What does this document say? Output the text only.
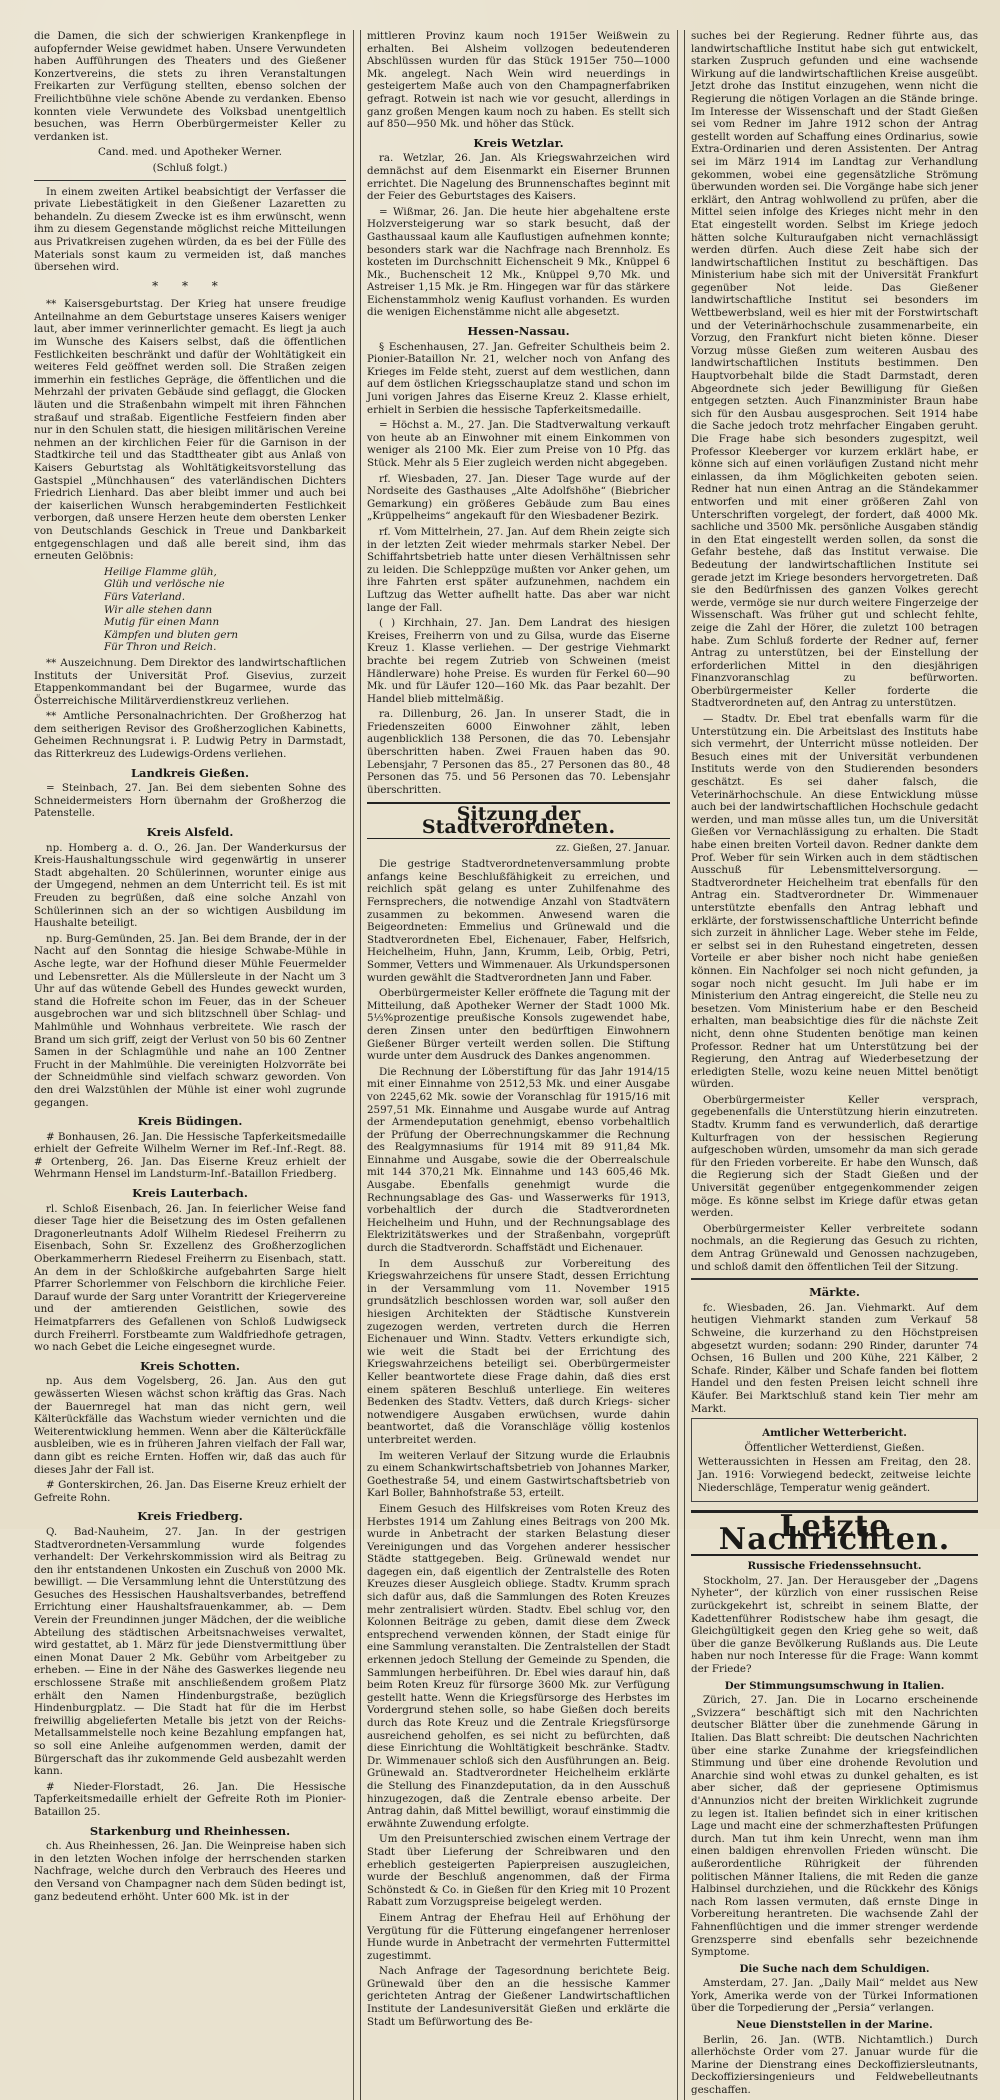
die Damen, die sich der schwierigen Krankenpflege in aufopfernder Weise gewidmet haben. Unsere Verwundeten haben Aufführungen des Theaters und des Gießener Konzertvereins, die stets zu ihren Veranstaltungen Freikarten zur Verfügung stellten, ebenso solchen der Freilichtbühne viele schöne Abende zu verdanken. Ebenso konnten viele Verwundete des Volksbad unentgeltlich besuchen, was Herrn Oberbürgermeister Keller zu verdanken ist.

Cand. med. und Apotheker Werner.

(Schluß folgt.)

In einem zweiten Artikel beabsichtigt der Verfasser die private Liebestätigkeit in den Gießener Lazaretten zu behandeln. Zu diesem Zwecke ist es ihm erwünscht, wenn ihm zu diesem Gegenstande möglichst reiche Mitteilungen aus Privatkreisen zugehen würden, da es bei der Fülle des Materials sonst kaum zu vermeiden ist, daß manches übersehen wird.

* * *

** Kaisersgeburtstag. Der Krieg hat unsere freudige Anteilnahme an dem Geburtstage unseres Kaisers weniger laut, aber immer verinnerlichter gemacht. Es liegt ja auch im Wunsche des Kaisers selbst, daß die öffentlichen Festlichkeiten beschränkt und dafür der Wohltätigkeit ein weiteres Feld geöffnet werden soll. Die Straßen zeigen immerhin ein festliches Gepräge, die öffentlichen und die Mehrzahl der privaten Gebäude sind geflaggt, die Glocken läuten und die Straßenbahn wimpelt mit ihren Fähnchen straßauf und straßab. Eigentliche Festfeiern finden aber nur in den Schulen statt, die hiesigen militärischen Vereine nehmen an der kirchlichen Feier für die Garnison in der Stadtkirche teil und das Stadttheater gibt aus Anlaß von Kaisers Geburtstag als Wohltätigkeitsvorstellung das Gastspiel „Münchhausen“ des vaterländischen Dichters Friedrich Lienhard. Das aber bleibt immer und auch bei der kaiserlichen Wunsch herabgeminderten Festlichkeit verborgen, daß unsere Herzen heute dem obersten Lenker von Deutschlands Geschick in Treue und Dankbarkeit entgegenschlagen und daß alle bereit sind, ihm das erneuten Gelöbnis:

Heilige Flamme glüh,
Glüh und verlösche nie
Fürs Vaterland.
Wir alle stehen dann
Mutig für einen Mann
Kämpfen und bluten gern
Für Thron und Reich.

** Auszeichnung. Dem Direktor des landwirtschaftlichen Instituts der Universität Prof. Gisevius, zurzeit Etappenkommandant bei der Bugarmee, wurde das Österreichische Militärverdienstkreuz verliehen.

** Amtliche Personalnachrichten. Der Großherzog hat dem seitherigen Revisor des Großherzoglichen Kabinetts, Geheimen Rechnungsrat i. P. Ludwig Petry in Darmstadt, das Ritterkreuz des Ludewigs-Ordens verliehen.

Landkreis Gießen.

= Steinbach, 27. Jan. Bei dem siebenten Sohne des Schneidermeisters Horn übernahm der Großherzog die Patenstelle.

Kreis Alsfeld.

np. Homberg a. d. O., 26. Jan. Der Wanderkursus der Kreis-Haushaltungsschule wird gegenwärtig in unserer Stadt abgehalten. 20 Schülerinnen, worunter einige aus der Umgegend, nehmen an dem Unterricht teil. Es ist mit Freuden zu begrüßen, daß eine solche Anzahl von Schülerinnen sich an der so wichtigen Ausbildung im Haushalte beteiligt.

np. Burg-Gemünden, 25. Jan. Bei dem Brande, der in der Nacht auf den Sonntag die hiesige Schwabe-Mühle in Asche legte, war der Hofhund dieser Mühle Feuermelder und Lebensretter. Als die Müllersleute in der Nacht um 3 Uhr auf das wütende Gebell des Hundes geweckt wurden, stand die Hofreite schon im Feuer, das in der Scheuer ausgebrochen war und sich blitzschnell über Schlag- und Mahlmühle und Wohnhaus verbreitete. Wie rasch der Brand um sich griff, zeigt der Verlust von 50 bis 60 Zentner Samen in der Schlagmühle und nahe an 100 Zentner Frucht in der Mahlmühle. Die vereinigten Holzvorräte bei der Schneidmühle sind vielfach schwarz geworden. Von den drei Walzstühlen der Mühle ist einer wohl zugrunde gegangen.

Kreis Büdingen.

# Bonhausen, 26. Jan. Die Hessische Tapferkeitsmedaille erhielt der Gefreite Wilhelm Werner im Ref.-Inf.-Regt. 88. # Ortenberg, 26. Jan. Das Eiserne Kreuz erhielt der Wehrmann Hensel im Landsturm-Inf.-Bataillon Friedberg.

Kreis Lauterbach.

rl. Schloß Eisenbach, 26. Jan. In feierlicher Weise fand dieser Tage hier die Beisetzung des im Osten gefallenen Dragonerleutnants Adolf Wilhelm Riedesel Freiherrn zu Eisenbach, Sohn Sr. Exzellenz des Großherzoglichen Oberkammerherrn Riedesel Freiherrn zu Eisenbach, statt. An dem in der Schloßkirche aufgebahrten Sarge hielt Pfarrer Schorlemmer von Felschborn die kirchliche Feier. Darauf wurde der Sarg unter Vorantritt der Kriegervereine und der amtierenden Geistlichen, sowie des Heimatpfarrers des Gefallenen von Schloß Ludwigseck durch Freiherrl. Forstbeamte zum Waldfriedhofe getragen, wo nach Gebet die Leiche eingesegnet wurde.

Kreis Schotten.

np. Aus dem Vogelsberg, 26. Jan. Aus den gut gewässerten Wiesen wächst schon kräftig das Gras. Nach der Bauernregel hat man das nicht gern, weil Kälterückfälle das Wachstum wieder vernichten und die Weiterentwicklung hemmen. Wenn aber die Kälterückfälle ausbleiben, wie es in früheren Jahren vielfach der Fall war, dann gibt es reiche Ernten. Hoffen wir, daß das auch für dieses Jahr der Fall ist.

# Gonterskirchen, 26. Jan. Das Eiserne Kreuz erhielt der Gefreite Rohn.

Kreis Friedberg.

Q. Bad-Nauheim, 27. Jan. In der gestrigen Stadtverordneten-Versammlung wurde folgendes verhandelt: Der Verkehrskommission wird als Beitrag zu den ihr entstandenen Unkosten ein Zuschuß von 2000 Mk. bewilligt. — Die Versammlung lehnt die Unterstützung des Gesuches des Hessischen Haushaltsverbandes, betreffend Errichtung einer Haushaltsfrauenkammer, ab. — Dem Verein der Freundinnen junger Mädchen, der die weibliche Abteilung des städtischen Arbeitsnachweises verwaltet, wird gestattet, ab 1. März für jede Dienstvermittlung über einen Monat Dauer 2 Mk. Gebühr vom Arbeitgeber zu erheben. — Eine in der Nähe des Gaswerkes liegende neu erschlossene Straße mit anschließendem großem Platz erhält den Namen Hindenburgstraße, bezüglich Hindenburgplatz. — Die Stadt hat für die im Herbst freiwillig abgelieferten Metalle bis jetzt von der Reichs-Metallsammelstelle noch keine Bezahlung empfangen hat, so soll eine Anleihe aufgenommen werden, damit der Bürgerschaft das ihr zukommende Geld ausbezahlt werden kann.

# Nieder-Florstadt, 26. Jan. Die Hessische Tapferkeitsmedaille erhielt der Gefreite Roth im Pionier-Bataillon 25.

Starkenburg und Rheinhessen.

ch. Aus Rheinhessen, 26. Jan. Die Weinpreise haben sich in den letzten Wochen infolge der herrschenden starken Nachfrage, welche durch den Verbrauch des Heeres und den Versand von Champagner nach dem Süden bedingt ist, ganz bedeutend erhöht. Unter 600 Mk. ist in der

mittleren Provinz kaum noch 1915er Weißwein zu erhalten. Bei Alsheim vollzogen bedeutenderen Abschlüssen wurden für das Stück 1915er 750—1000 Mk. angelegt. Nach Wein wird neuerdings in gesteigertem Maße auch von den Champagnerfabriken gefragt. Rotwein ist nach wie vor gesucht, allerdings in ganz großen Mengen kaum noch zu haben. Es stellt sich auf 850—950 Mk. und höher das Stück.

Kreis Wetzlar.

ra. Wetzlar, 26. Jan. Als Kriegswahrzeichen wird demnächst auf dem Eisenmarkt ein Eiserner Brunnen errichtet. Die Nagelung des Brunnenschaftes beginnt mit der Feier des Geburtstages des Kaisers.

= Wißmar, 26. Jan. Die heute hier abgehaltene erste Holzversteigerung war so stark besucht, daß der Gasthaussaal kaum alle Kauflustigen aufnehmen konnte; besonders stark war die Nachfrage nach Brennholz. Es kosteten im Durchschnitt Eichenscheit 9 Mk., Knüppel 6 Mk., Buchenscheit 12 Mk., Knüppel 9,70 Mk. und Astreiser 1,15 Mk. je Rm. Hingegen war für das stärkere Eichenstammholz wenig Kauflust vorhanden. Es wurden die wenigen Eichenstämme nicht alle abgesetzt.

Hessen-Nassau.

§ Eschenhausen, 27. Jan. Gefreiter Schultheis beim 2. Pionier-Bataillon Nr. 21, welcher noch von Anfang des Krieges im Felde steht, zuerst auf dem westlichen, dann auf dem östlichen Kriegsschauplatze stand und schon im Juni vorigen Jahres das Eiserne Kreuz 2. Klasse erhielt, erhielt in Serbien die hessische Tapferkeitsmedaille.

= Höchst a. M., 27. Jan. Die Stadtverwaltung verkauft von heute ab an Einwohner mit einem Einkommen von weniger als 2100 Mk. Eier zum Preise von 10 Pfg. das Stück. Mehr als 5 Eier zugleich werden nicht abgegeben.

rf. Wiesbaden, 27. Jan. Dieser Tage wurde auf der Nordseite des Gasthauses „Alte Adolfshöhe“ (Biebricher Gemarkung) ein größeres Gebäude zum Bau eines „Krüppelheims“ angekauft für den Wiesbadener Bezirk.

rf. Vom Mittelrhein, 27. Jan. Auf dem Rhein zeigte sich in der letzten Zeit wieder mehrmals starker Nebel. Der Schiffahrtsbetrieb hatte unter diesen Verhältnissen sehr zu leiden. Die Schleppzüge mußten vor Anker gehen, um ihre Fahrten erst später aufzunehmen, nachdem ein Luftzug das Wetter aufhellt hatte. Das aber war nicht lange der Fall.

( ) Kirchhain, 27. Jan. Dem Landrat des hiesigen Kreises, Freiherrn von und zu Gilsa, wurde das Eiserne Kreuz 1. Klasse verliehen. — Der gestrige Viehmarkt brachte bei regem Zutrieb von Schweinen (meist Händlerware) hohe Preise. Es wurden für Ferkel 60—90 Mk. und für Läufer 120—160 Mk. das Paar bezahlt. Der Handel blieb mittelmäßig.

ra. Dillenburg, 26. Jan. In unserer Stadt, die in Friedenszeiten 6000 Einwohner zählt, leben augenblicklich 138 Personen, die das 70. Lebensjahr überschritten haben. Zwei Frauen haben das 90. Lebensjahr, 7 Personen das 85., 27 Personen das 80., 48 Personen das 75. und 56 Personen das 70. Lebensjahr überschritten.

Sitzung der Stadtverordneten.

zz. Gießen, 27. Januar.

Die gestrige Stadtverordnetenversammlung probte anfangs keine Beschlußfähigkeit zu erreichen, und reichlich spät gelang es unter Zuhilfenahme des Fernsprechers, die notwendige Anzahl von Stadtvätern zusammen zu bekommen. Anwesend waren die Beigeordneten: Emmelius und Grünewald und die Stadtverordneten Ebel, Eichenauer, Faber, Helfsrich, Heichelheim, Huhn, Jann, Krumm, Leib, Orbig, Petri, Sommer, Vetters und Wimmenauer. Als Urkundspersonen wurden gewählt die Stadtverordneten Jann und Faber.

Oberbürgermeister Keller eröffnete die Tagung mit der Mitteilung, daß Apotheker Werner der Stadt 1000 Mk. 5⅓%prozentige preußische Konsols zugewendet habe, deren Zinsen unter den bedürftigen Einwohnern Gießener Bürger verteilt werden sollen. Die Stiftung wurde unter dem Ausdruck des Dankes angenommen.

Die Rechnung der Löberstiftung für das Jahr 1914/15 mit einer Einnahme von 2512,53 Mk. und einer Ausgabe von 2245,62 Mk. sowie der Voranschlag für 1915/16 mit 2597,51 Mk. Einnahme und Ausgabe wurde auf Antrag der Armendeputation genehmigt, ebenso vorbehaltlich der Prüfung der Oberrechnungskammer die Rechnung des Realgymnasiums für 1914 mit 89 911,84 Mk. Einnahme und Ausgabe, sowie die der Oberrealschule mit 144 370,21 Mk. Einnahme und 143 605,46 Mk. Ausgabe. Ebenfalls genehmigt wurde die Rechnungsablage des Gas- und Wasserwerks für 1913, vorbehaltlich der durch die Stadtverordneten Heichelheim und Huhn, und der Rechnungsablage des Elektrizitätswerkes und der Straßenbahn, vorgeprüft durch die Stadtverordn. Schaffstädt und Eichenauer.

In dem Ausschuß zur Vorbereitung des Kriegswahrzeichens für unsere Stadt, dessen Errichtung in der Versammlung vom 11. November 1915 grundsätzlich beschlossen worden war, soll außer den hiesigen Architekten der Städtische Kunstverein zugezogen werden, vertreten durch die Herren Eichenauer und Winn. Stadtv. Vetters erkundigte sich, wie weit die Stadt bei der Errichtung des Kriegswahrzeichens beteiligt sei. Oberbürgermeister Keller beantwortete diese Frage dahin, daß dies erst einem späteren Beschluß unterliege. Ein weiteres Bedenken des Stadtv. Vetters, daß durch Kriegs- sicher notwendigere Ausgaben erwüchsen, wurde dahin beantwortet, daß die Voranschläge völlig kostenlos unterbreitet werden.

Im weiteren Verlauf der Sitzung wurde die Erlaubnis zu einem Schankwirtschaftsbetrieb von Johannes Marker, Goethestraße 54, und einem Gastwirtschaftsbetrieb von Karl Boller, Bahnhofstraße 53, erteilt.

Einem Gesuch des Hilfskreises vom Roten Kreuz des Herbstes 1914 um Zahlung eines Beitrags von 200 Mk. wurde in Anbetracht der starken Belastung dieser Vereinigungen und das Vorgehen anderer hessischer Städte stattgegeben. Beig. Grünewald wendet nur dagegen ein, daß eigentlich der Zentralstelle des Roten Kreuzes dieser Ausgleich obliege. Stadtv. Krumm sprach sich dafür aus, daß die Sammlungen des Roten Kreuzes mehr zentralisiert würden. Stadtv. Ebel schlug vor, den Kolonnen Beiträge zu geben, damit diese dem Zweck entsprechend verwenden können, der Stadt einige für eine Sammlung veranstalten. Die Zentralstellen der Stadt erkennen jedoch Stellung der Gemeinde zu Spenden, die Sammlungen herbeiführen. Dr. Ebel wies darauf hin, daß beim Roten Kreuz für fürsorge 3600 Mk. zur Verfügung gestellt hatte. Wenn die Kriegsfürsorge des Herbstes im Vordergrund stehen solle, so habe Gießen doch bereits durch das Rote Kreuz und die Zentrale Kriegsfürsorge ausreichend geholfen, es sei nicht zu befürchten, daß diese Einrichtung die Wohltätigkeit beschränke. Stadtv. Dr. Wimmenauer schloß sich den Ausführungen an. Beig. Grünewald an. Stadtverordneter Heichelheim erklärte die Stellung des Finanzdeputation, da in den Ausschuß hinzugezogen, daß die Zentrale ebenso arbeite. Der Antrag dahin, daß Mittel bewilligt, worauf einstimmig die erwähnte Zuwendung erfolgte.

Um den Preisunterschied zwischen einem Vertrage der Stadt über Lieferung der Schreibwaren und den erheblich gesteigerten Papierpreisen auszugleichen, wurde der Beschluß angenommen, daß der Firma Schönstedt & Co. in Gießen für den Krieg mit 10 Prozent Rabatt zum Vorzugspreise beigelegt werden.

Einem Antrag der Ehefrau Heil auf Erhöhung der Vergütung für die Fütterung eingefangener herrenloser Hunde wurde in Anbetracht der vermehrten Futtermittel zugestimmt.

Nach Anfrage der Tagesordnung berichtete Beig. Grünewald über den an die hessische Kammer gerichteten Antrag der Gießener Landwirtschaftlichen Institute der Landesuniversität Gießen und erklärte die Stadt um Befürwortung des Be-

suches bei der Regierung. Redner führte aus, das landwirtschaftliche Institut habe sich gut entwickelt, starken Zuspruch gefunden und eine wachsende Wirkung auf die landwirtschaftlichen Kreise ausgeübt. Jetzt drohe das Institut einzugehen, wenn nicht die Regierung die nötigen Vorlagen an die Stände bringe. Im Interesse der Wissenschaft und der Stadt Gießen sei vom Redner im Jahre 1912 schon der Antrag gestellt worden auf Schaffung eines Ordinarius, sowie Extra-Ordinarien und deren Assistenten. Der Antrag sei im März 1914 im Landtag zur Verhandlung gekommen, wobei eine gegensätzliche Strömung überwunden worden sei. Die Vorgänge habe sich jener erklärt, den Antrag wohlwollend zu prüfen, aber die Mittel seien infolge des Krieges nicht mehr in den Etat eingestellt worden. Selbst im Kriege jedoch hätten solche Kulturaufgaben nicht vernachlässigt werden dürfen. Auch diese Zeit habe sich der landwirtschaftlichen Institut zu beschäftigen. Das Ministerium habe sich mit der Universität Frankfurt gegenüber Not leide. Das Gießener landwirtschaftliche Institut sei besonders im Wettbewerbsland, weil es hier mit der Forstwirtschaft und der Veterinärhochschule zusammenarbeite, ein Vorzug, den Frankfurt nicht bieten könne. Dieser Vorzug müsse Gießen zum weiteren Ausbau des landwirtschaftlichen Instituts bestimmen. Den Hauptvorbehalt bilde die Stadt Darmstadt, deren Abgeordnete sich jeder Bewilligung für Gießen entgegen setzten. Auch Finanzminister Braun habe sich für den Ausbau ausgesprochen. Seit 1914 habe die Sache jedoch trotz mehrfacher Eingaben geruht. Die Frage habe sich besonders zugespitzt, weil Professor Kleeberger vor kurzem erklärt habe, er könne sich auf einen vorläufigen Zustand nicht mehr einlassen, da ihm Möglichkeiten geboten seien. Redner hat nun einen Antrag an die Ständekammer entworfen und mit einer größeren Zahl von Unterschriften vorgelegt, der fordert, daß 4000 Mk. sachliche und 3500 Mk. persönliche Ausgaben ständig in den Etat eingestellt werden sollen, da sonst die Gefahr bestehe, daß das Institut verwaise. Die Bedeutung der landwirtschaftlichen Institute sei gerade jetzt im Kriege besonders hervorgetreten. Daß sie den Bedürfnissen des ganzen Volkes gerecht werde, vermöge sie nur durch weitere Fingerzeige der Wissenschaft. Was früher gut und schlecht fehlte, zeige die Zahl der Hörer, die zuletzt 100 betragen habe. Zum Schluß forderte der Redner auf, ferner Antrag zu unterstützen, bei der Einstellung der erforderlichen Mittel in den diesjährigen Finanzvoranschlag zu befürworten. Oberbürgermeister Keller forderte die Stadtverordneten auf, den Antrag zu unterstützen.

— Stadtv. Dr. Ebel trat ebenfalls warm für die Unterstützung ein. Die Arbeitslast des Instituts habe sich vermehrt, der Unterricht müsse notleiden. Der Besuch eines mit der Universität verbundenen Instituts werde von den Studierenden besonders geschätzt. Es sei daher falsch, die Veterinärhochschule. An diese Entwicklung müsse auch bei der landwirtschaftlichen Hochschule gedacht werden, und man müsse alles tun, um die Universität Gießen vor Vernachlässigung zu erhalten. Die Stadt habe einen breiten Vorteil davon. Redner dankte dem Prof. Weber für sein Wirken auch in dem städtischen Ausschuß für Lebensmittelversorgung. — Stadtverordneter Heichelheim trat ebenfalls für den Antrag ein. Stadtverordneter Dr. Wimmenauer unterstützte ebenfalls den Antrag lebhaft und erklärte, der forstwissenschaftliche Unterricht befinde sich zurzeit in ähnlicher Lage. Weber stehe im Felde, er selbst sei in den Ruhestand eingetreten, dessen Vorteile er aber bisher noch nicht habe genießen können. Ein Nachfolger sei noch nicht gefunden, ja sogar noch nicht gesucht. Im Juli habe er im Ministerium den Antrag eingereicht, die Stelle neu zu besetzen. Vom Ministerium habe er den Bescheid erhalten, man beabsichtige dies für die nächste Zeit nicht, denn ohne Studenten benötige man keinen Professor. Redner hat um Unterstützung bei der Regierung, den Antrag auf Wiederbesetzung der erledigten Stelle, wozu keine neuen Mittel benötigt würden.

Oberbürgermeister Keller versprach, gegebenenfalls die Unterstützung hierin einzutreten. Stadtv. Krumm fand es verwunderlich, daß derartige Kulturfragen von der hessischen Regierung aufgeschoben würden, umsomehr da man sich gerade für den Frieden vorbereite. Er habe den Wunsch, daß die Regierung sich der Stadt Gießen und der Universität gegenüber entgegenkommender zeigen möge. Es könne selbst im Kriege dafür etwas getan werden.

Oberbürgermeister Keller verbreitete sodann nochmals, an die Regierung das Gesuch zu richten, dem Antrag Grünewald und Genossen nachzugeben, und schloß damit den öffentlichen Teil der Sitzung.

Märkte.

fc. Wiesbaden, 26. Jan. Viehmarkt. Auf dem heutigen Viehmarkt standen zum Verkauf 58 Schweine, die kurzerhand zu den Höchstpreisen abgesetzt wurden; sodann: 290 Rinder, darunter 74 Ochsen, 16 Bullen und 200 Kühe, 221 Kälber, 2 Schafe. Rinder, Kälber und Schafe fanden bei flottem Handel und den festen Preisen leicht schnell ihre Käufer. Bei Marktschluß stand kein Tier mehr am Markt.

Amtlicher Wetterbericht.

Öffentlicher Wetterdienst, Gießen.

Wetteraussichten in Hessen am Freitag, den 28. Jan. 1916: Vorwiegend bedeckt, zeitweise leichte Niederschläge, Temperatur wenig geändert.

Letzte Nachrichten.

Russische Friedenssehnsucht.

Stockholm, 27. Jan. Der Herausgeber der „Dagens Nyheter“, der kürzlich von einer russischen Reise zurückgekehrt ist, schreibt in seinem Blatte, der Kadettenführer Rodistschew habe ihm gesagt, die Gleichgültigkeit gegen den Krieg gehe so weit, daß über die ganze Bevölkerung Rußlands aus. Die Leute haben nur noch Interesse für die Frage: Wann kommt der Friede?

Der Stimmungsumschwung in Italien.

Zürich, 27. Jan. Die in Locarno erscheinende „Svizzera“ beschäftigt sich mit den Nachrichten deutscher Blätter über die zunehmende Gärung in Italien. Das Blatt schreibt: Die deutschen Nachrichten über eine starke Zunahme der kriegsfeindlichen Stimmung und über eine drohende Revolution und Anarchie sind wohl etwas zu dunkel gehalten, es ist aber sicher, daß der gepriesene Optimismus d'Annunzios nicht der breiten Wirklichkeit zugrunde zu legen ist. Italien befindet sich in einer kritischen Lage und macht eine der schmerzhaftesten Prüfungen durch. Man tut ihm kein Unrecht, wenn man ihm einen baldigen ehrenvollen Frieden wünscht. Die außerordentliche Rührigkeit der führenden politischen Männer Italiens, die mit Reden die ganze Halbinsel durchziehen, und die Rückkehr des Königs nach Rom lassen vermuten, daß ernste Dinge in Vorbereitung herantreten. Die wachsende Zahl der Fahnenflüchtigen und die immer strenger werdende Grenzsperre sind ebenfalls sehr bezeichnende Symptome.

Die Suche nach dem Schuldigen.

Amsterdam, 27. Jan. „Daily Mail“ meldet aus New York, Amerika werde von der Türkei Informationen über die Torpedierung der „Persia“ verlangen.

Neue Dienststellen in der Marine.

Berlin, 26. Jan. (WTB. Nichtamtlich.) Durch allerhöchste Order vom 27. Januar wurde für die Marine der Dienstrang eines Deckoffiziersleutnants, Deckoffiziersingenieurs und Feldwebelleutnants geschaffen.
